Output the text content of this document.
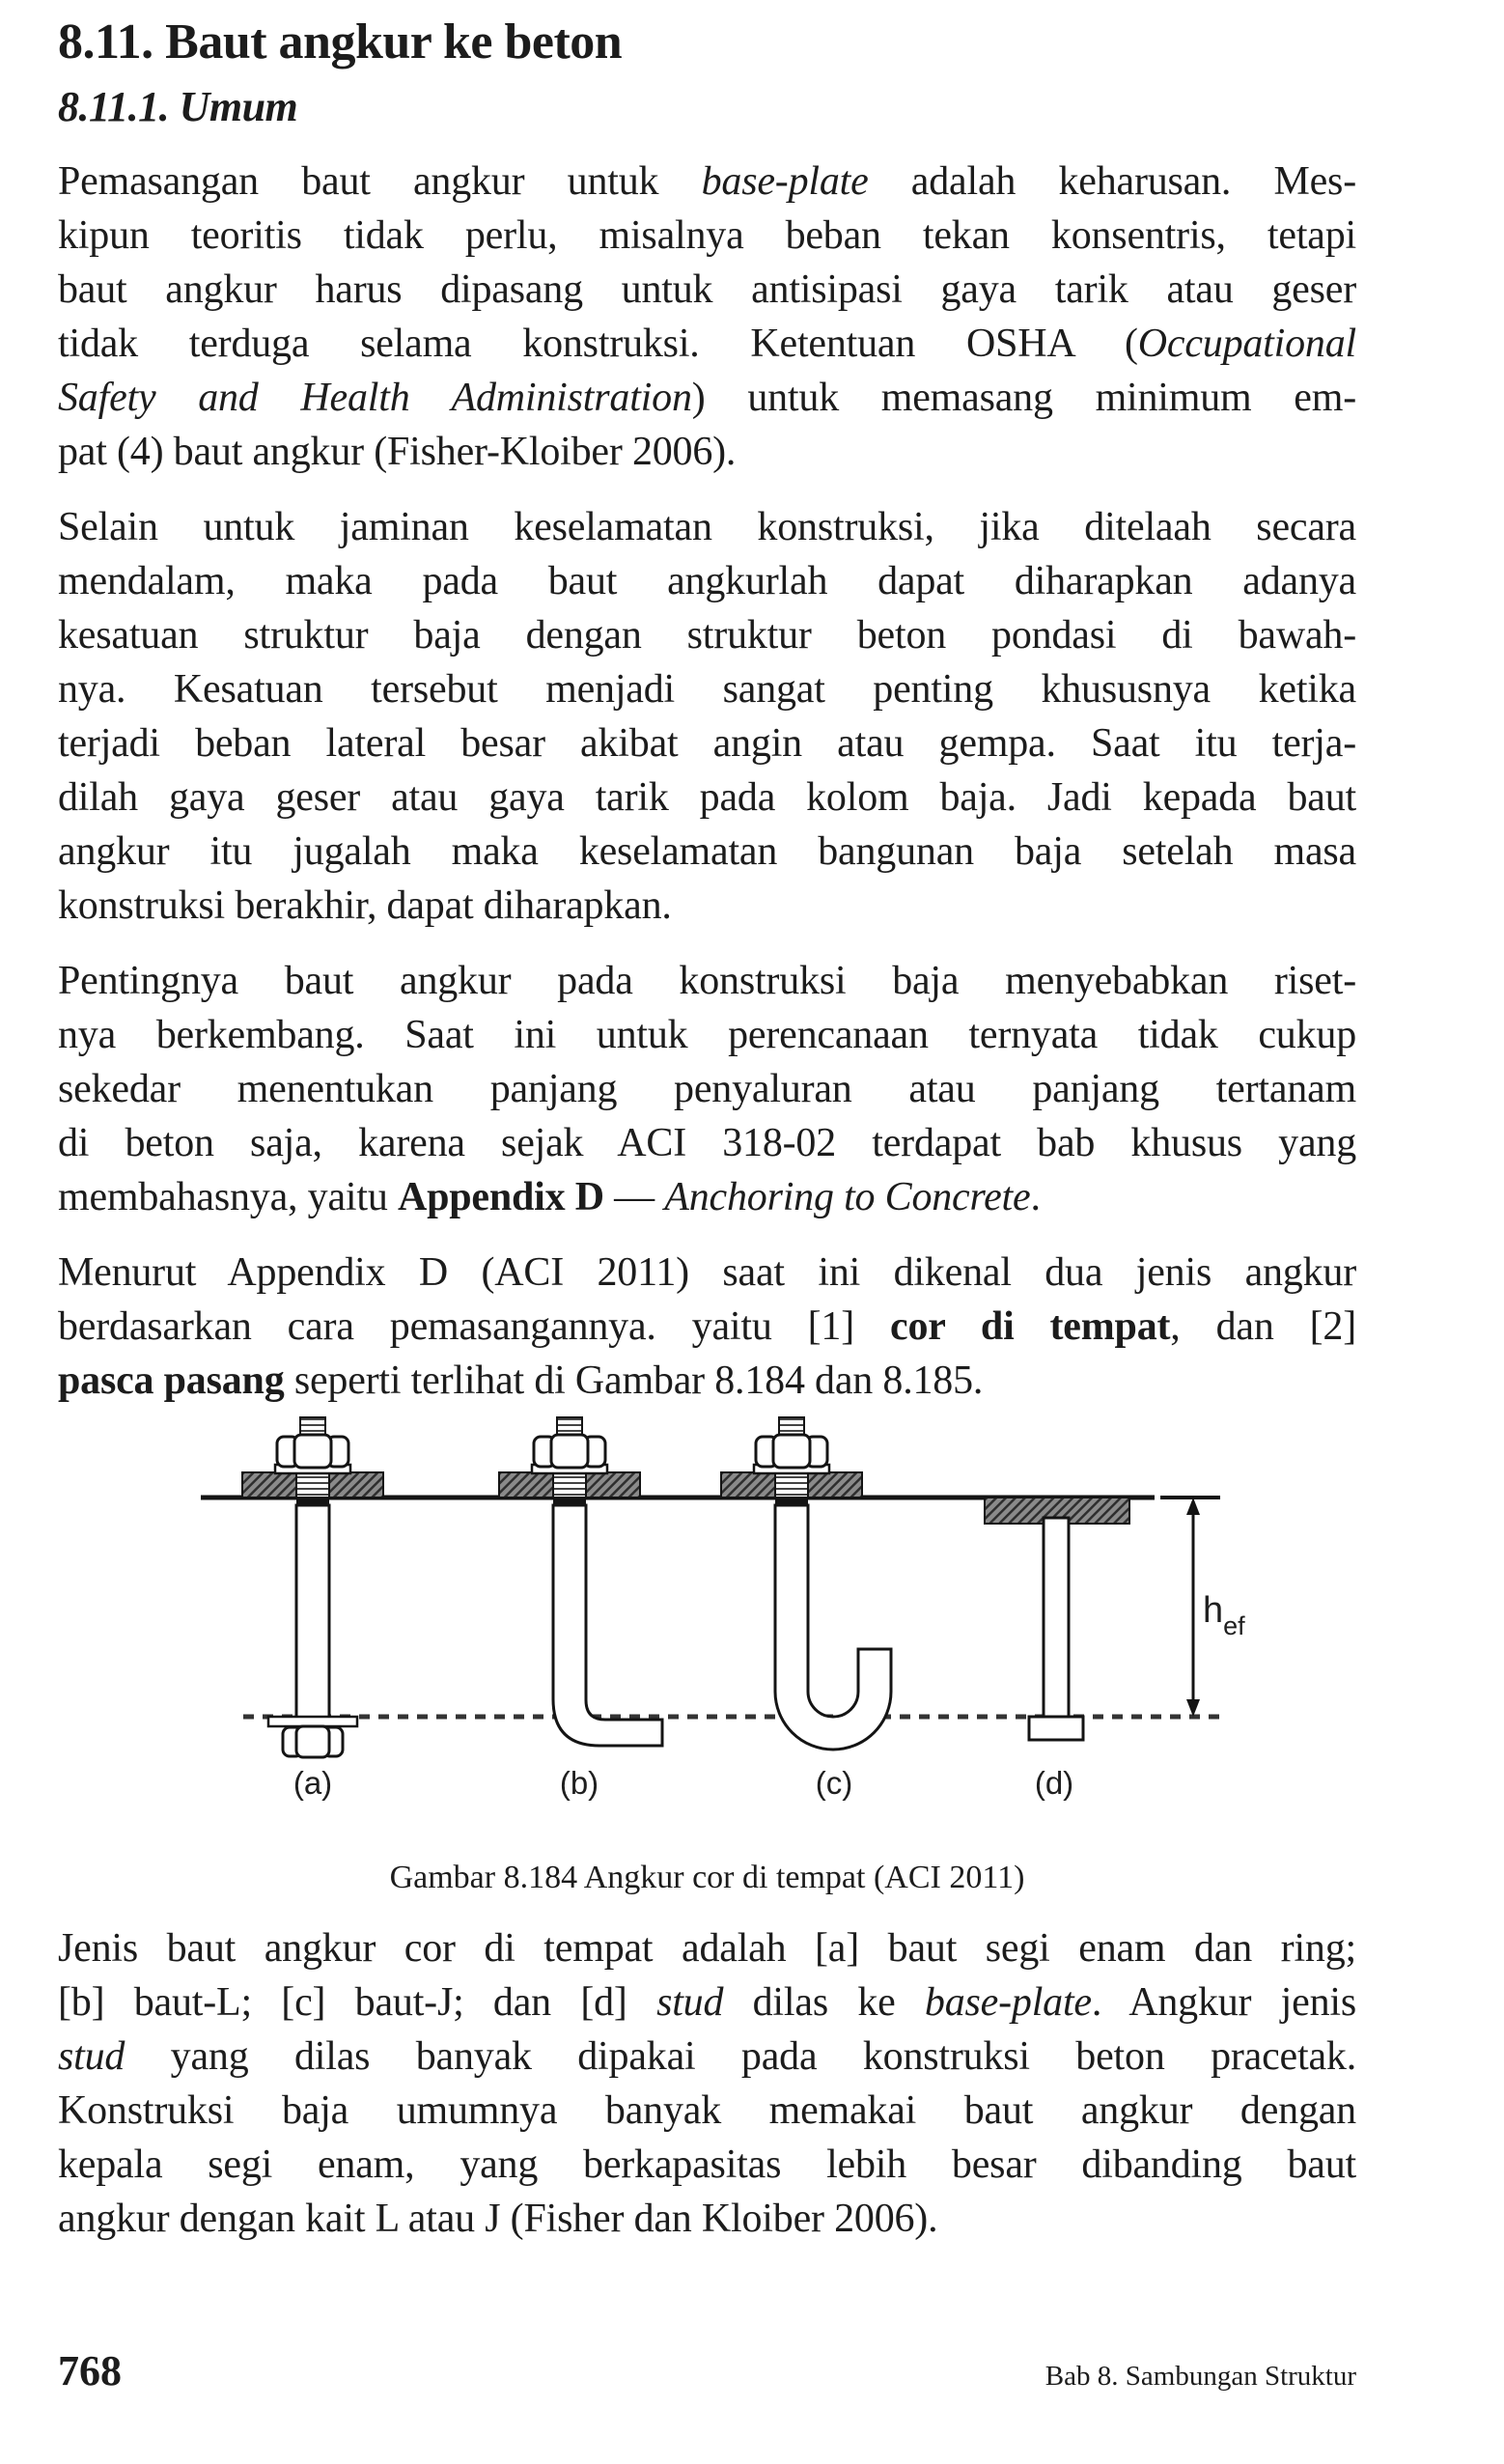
8.11. Baut angkur ke beton
8.11.1. Umum
Pemasangan baut angkur untuk base-plate adalah keharusan. Mes-
kipun teoritis tidak perlu, misalnya beban tekan konsentris, tetapi
baut angkur harus dipasang untuk antisipasi gaya tarik atau geser
tidak terduga selama konstruksi. Ketentuan OSHA (Occupational
Safety and Health Administration) untuk memasang minimum em-
pat (4) baut angkur (Fisher-Kloiber 2006).
Selain untuk jaminan keselamatan konstruksi, jika ditelaah secara
mendalam, maka pada baut angkurlah dapat diharapkan adanya
kesatuan struktur baja dengan struktur beton pondasi di bawah-
nya. Kesatuan tersebut menjadi sangat penting khususnya ketika
terjadi beban lateral besar akibat angin atau gempa. Saat itu terja-
dilah gaya geser atau gaya tarik pada kolom baja. Jadi kepada baut
angkur itu jugalah maka keselamatan bangunan baja setelah masa
konstruksi berakhir, dapat diharapkan.
Pentingnya baut angkur pada konstruksi baja menyebabkan riset-
nya berkembang. Saat ini untuk perencanaan ternyata tidak cukup
sekedar menentukan panjang penyaluran atau panjang tertanam
di beton saja, karena sejak ACI 318-02 terdapat bab khusus yang
membahasnya, yaitu Appendix D — Anchoring to Concrete.
Menurut Appendix D (ACI 2011) saat ini dikenal dua jenis angkur
berdasarkan cara pemasangannya. yaitu [1] cor di tempat, dan [2]
pasca pasang seperti terlihat di Gambar 8.184 dan 8.185.
$h_{ef}$
(a)	(b)	(c)	(d)
Gambar 8.184 Angkur cor di tempat (ACI 2011)
Jenis baut angkur cor di tempat adalah [a] baut segi enam dan ring;
[b] baut-L; [c] baut-J; dan [d] stud dilas ke base-plate. Angkur jenis
stud yang dilas banyak dipakai pada konstruksi beton pracetak.
Konstruksi baja umumnya banyak memakai baut angkur dengan
kepala segi enam, yang berkapasitas lebih besar dibanding baut
angkur dengan kait L atau J (Fisher dan Kloiber 2006).
768	Bab 8. Sambungan Struktur
